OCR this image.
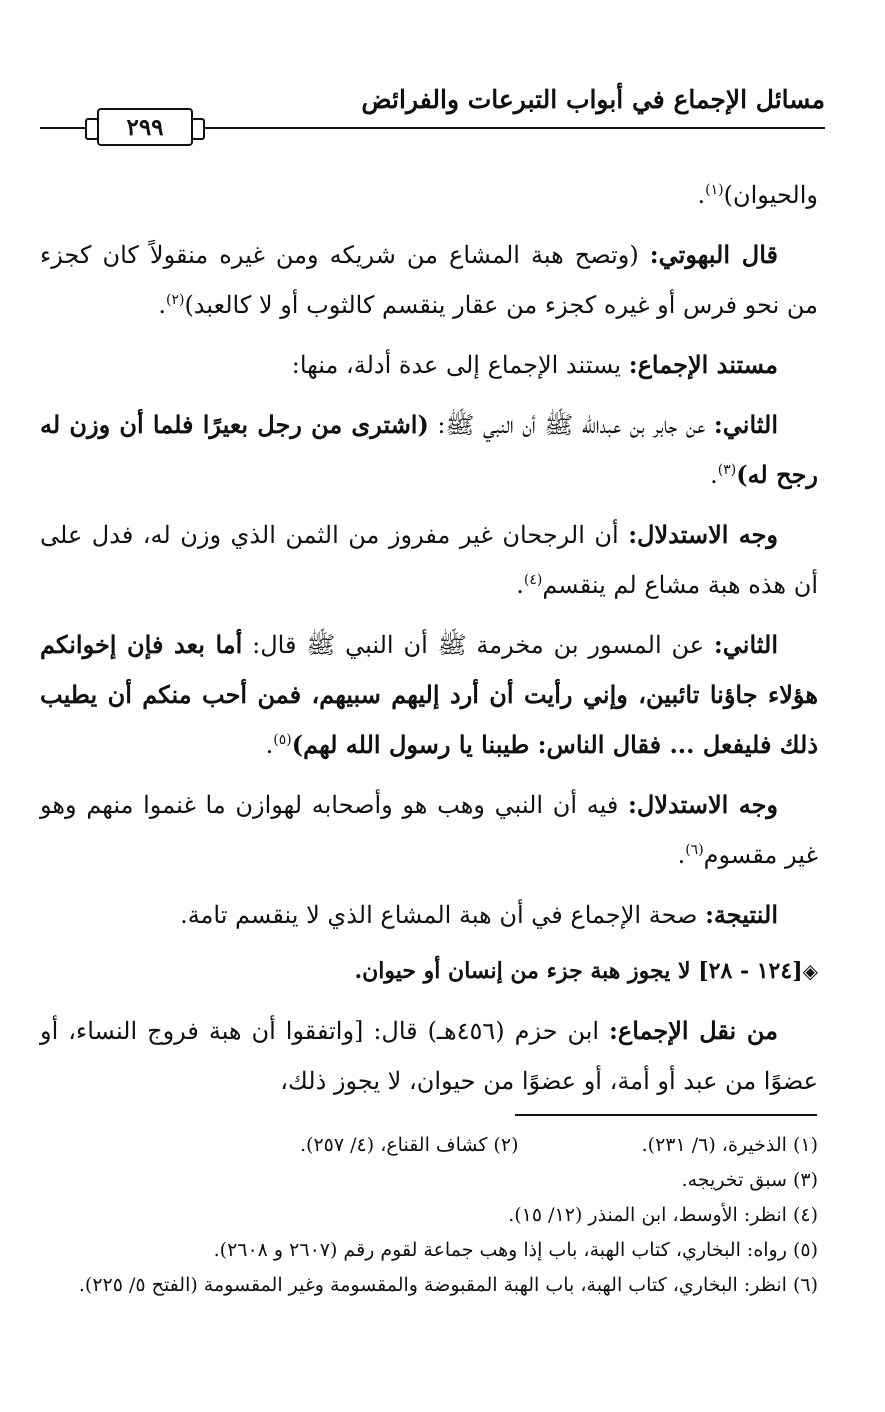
مسائل الإجماع في أبواب التبرعات والفرائض
٢٩٩

والحيوان)$^{(١)}$.

قال البهوتي: (وتصح هبة المشاع من شريكه ومن غيره منقولاً كان كجزء من نحو فرس أو غيره كجزء من عقار ينقسم كالثوب أو لا كالعبد)$^{(٢)}$.

مستند الإجماع: يستند الإجماع إلى عدة أدلة، منها:

الثاني: عن جابر بن عبدالله ﷺ أن النبي ﷺ: (اشترى من رجل بعيرًا فلما أن وزن له رجح له)$^{(٣)}$.

وجه الاستدلال: أن الرجحان غير مفروز من الثمن الذي وزن له، فدل على أن هذه هبة مشاع لم ينقسم$^{(٤)}$.

الثاني: عن المسور بن مخرمة ﷺ أن النبي ﷺ قال: أما بعد فإن إخوانكم هؤلاء جاؤنا تائبين، وإني رأيت أن أرد إليهم سبيهم، فمن أحب منكم أن يطيب ذلك فليفعل ... فقال الناس: طيبنا يا رسول الله لهم)$^{(٥)}$.

وجه الاستدلال: فيه أن النبي وهب هو وأصحابه لهوازن ما غنموا منهم وهو غير مقسوم$^{(٦)}$.

النتيجة: صحة الإجماع في أن هبة المشاع الذي لا ينقسم تامة.

◈[١٢٤ - ٢٨] لا يجوز هبة جزء من إنسان أو حيوان.

من نقل الإجماع: ابن حزم (٤٥٦هـ) قال: [واتفقوا أن هبة فروج النساء، أو عضوًا من عبد أو أمة، أو عضوًا من حيوان، لا يجوز ذلك،

(١) الذخيرة، (٦/ ٢٣١).
(٢) كشاف القناع، (٤/ ٢٥٧).
(٣) سبق تخريجه.
(٤) انظر: الأوسط، ابن المنذر (١٢/ ١٥).
(٥) رواه: البخاري، كتاب الهبة، باب إذا وهب جماعة لقوم رقم (٢٦٠٧ و ٢٦٠٨).
(٦) انظر: البخاري، كتاب الهبة، باب الهبة المقبوضة والمقسومة وغير المقسومة (الفتح ٥/ ٢٢٥).
